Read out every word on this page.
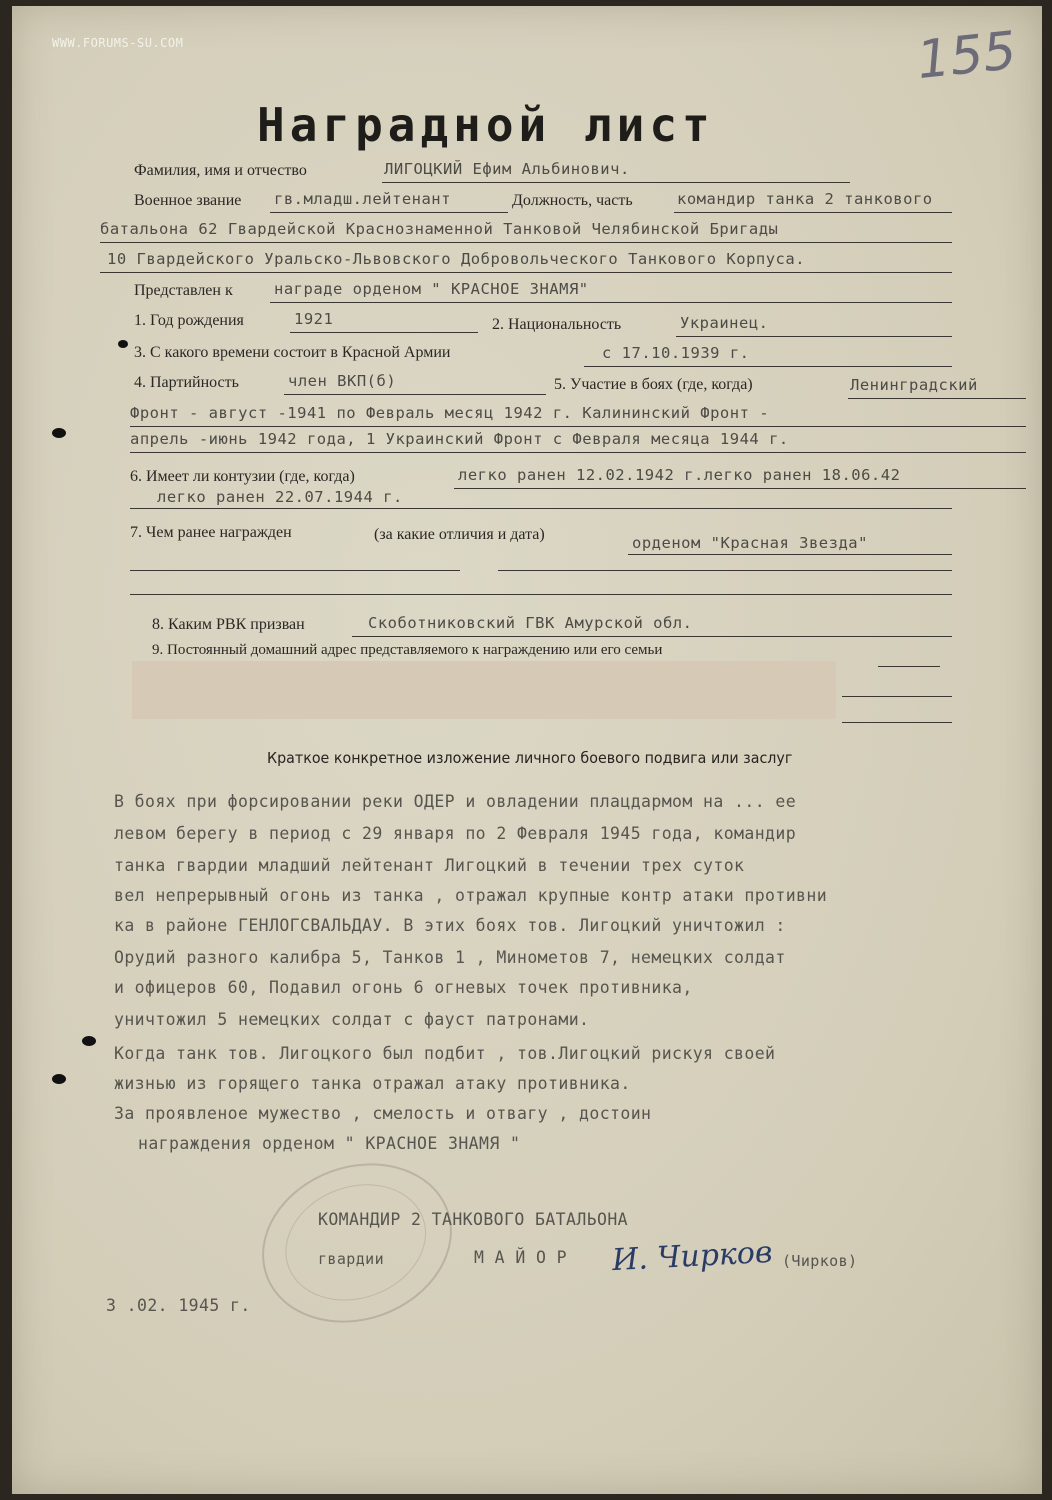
WWW.FORUMS-SU.COM	155
Наградной лист
Фамилия, имя и отчество	ЛИГОЦКИЙ Ефим Альбинович.
Военное звание гв.младш.лейтенант	Должность, часть	командир танка 2 танкового
батальона 62 Гвардейской Краснознаменной Танковой Челябинской Бригады
10 Гвардейского Уральско-Львовского Добровольческого Танкового Корпуса.
Представлен к	награде орденом " КРАСНОЕ ЗНАМЯ"
1. Год рождения	1921	2. Национальность	Украинец.
3. С какого времени состоит в Красной Армии	с 17.10.1939 г.
4. Партийность	член ВКП(б)	5. Участие в боях (где, когда)	Ленинградский
Фронт - август -1941 по Февраль месяц 1942 г. Калининский Фронт -
апрель -июнь 1942 года, 1 Украинский Фронт с Февраля месяца 1944 г.
6. Имеет ли контузии (где, когда)	легко ранен 12.02.1942 г.легко ранен 18.06.42
легко ранен 22.07.1944 г.
7. Чем ранее награжден	(за какие отличия и дата)	орденом "Красная Звезда"
8. Каким РВК призван	Скоботниковский ГВК Амурской обл.
9. Постоянный домашний адрес представляемого к награждению или его семьи
Краткое конкретное изложение личного боевого подвига или заслуг
В боях при форсировании реки ОДЕР и овладении плацдармом на ... ее
левом берегу в период с 29 января по 2 Февраля 1945 года, командир
танка гвардии младший лейтенант Лигоцкий в течении трех суток
вел непрерывный огонь из танка , отражал крупные контр атаки противни
ка в районе ГЕНЛОГСВАЛЬДАУ. В этих боях тов. Лигоцкий уничтожил :
Орудий разного калибра 5, Танков 1 , Минометов 7, немецких солдат
и офицеров 60, Подавил огонь 6 огневых точек противника,
уничтожил 5 немецких солдат с фауст патронами.
Когда танк тов. Лигоцкого был подбит , тов.Лигоцкий рискуя своей
жизнью из горящего танка отражал атаку противника.
За проявленое мужество , смелость и отвагу , достоин
награждения орденом " КРАСНОЕ ЗНАМЯ "
КОМАНДИР 2 ТАНКОВОГО БАТАЛЬОНА
гвардии	М А Й О Р И. Чирков (Чирков)
3 .02. 1945 г.
